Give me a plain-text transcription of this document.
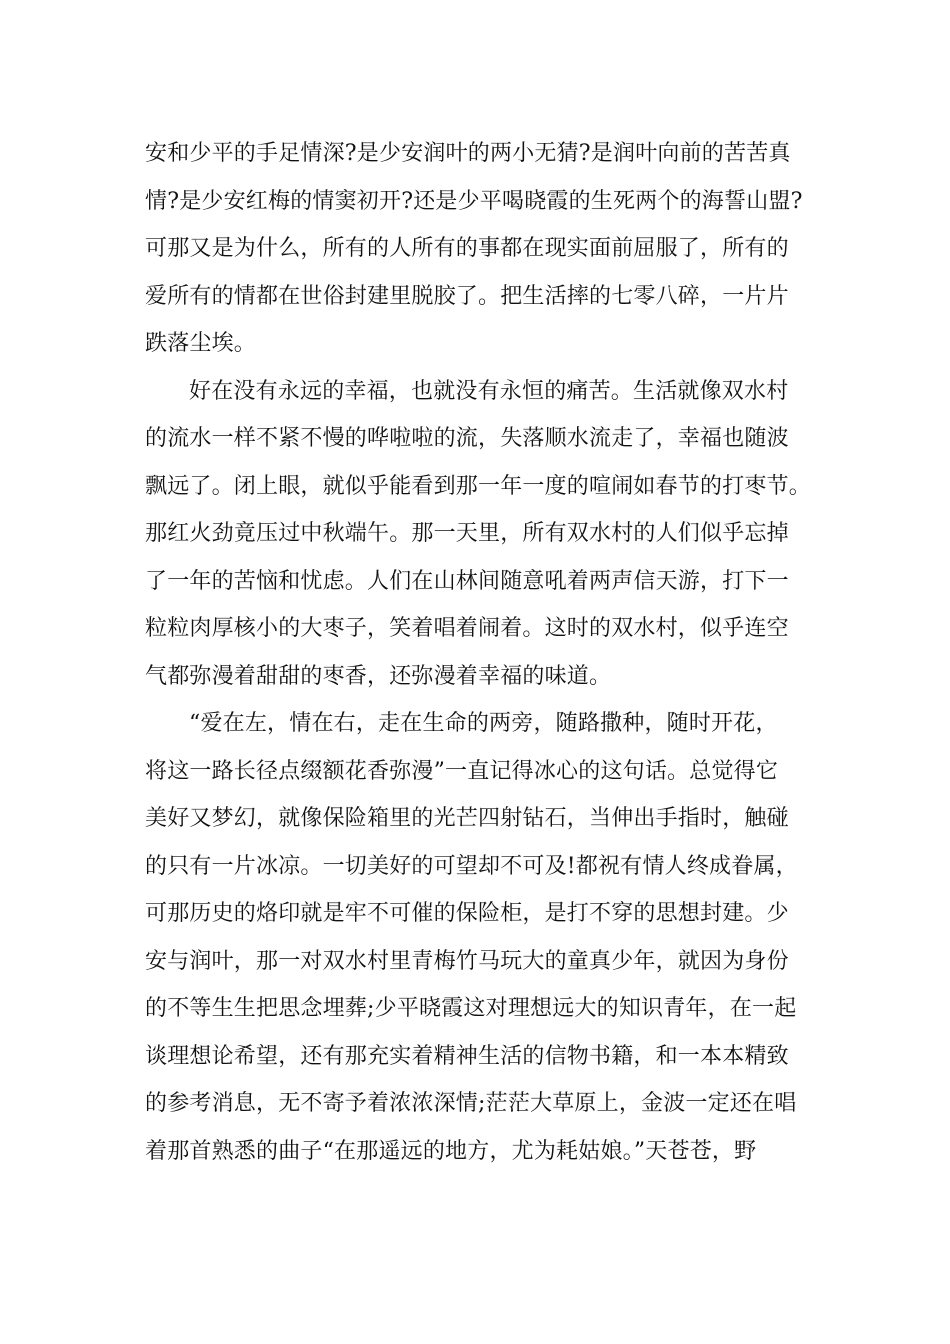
安和少平的手足情深?是少安润叶的两小无猜?是润叶向前的苦苦真
情?是少安红梅的情窦初开?还是少平喝晓霞的生死两个的海誓山盟?
可那又是为什么，所有的人所有的事都在现实面前屈服了，所有的
爱所有的情都在世俗封建里脱胶了。把生活摔的七零八碎，一片片
跌落尘埃。
好在没有永远的幸福，也就没有永恒的痛苦。生活就像双水村
的流水一样不紧不慢的哗啦啦的流，失落顺水流走了，幸福也随波
飘远了。闭上眼，就似乎能看到那一年一度的喧闹如春节的打枣节。
那红火劲竟压过中秋端午。那一天里，所有双水村的人们似乎忘掉
了一年的苦恼和忧虑。人们在山林间随意吼着两声信天游，打下一
粒粒肉厚核小的大枣子，笑着唱着闹着。这时的双水村，似乎连空
气都弥漫着甜甜的枣香，还弥漫着幸福的味道。
“爱在左，情在右，走在生命的两旁，随路撒种，随时开花，
将这一路长径点缀额花香弥漫”一直记得冰心的这句话。总觉得它
美好又梦幻，就像保险箱里的光芒四射钻石，当伸出手指时，触碰
的只有一片冰凉。一切美好的可望却不可及!都祝有情人终成眷属，
可那历史的烙印就是牢不可催的保险柜，是打不穿的思想封建。少
安与润叶，那一对双水村里青梅竹马玩大的童真少年，就因为身份
的不等生生把思念埋葬;少平晓霞这对理想远大的知识青年，在一起
谈理想论希望，还有那充实着精神生活的信物书籍，和一本本精致
的参考消息，无不寄予着浓浓深情;茫茫大草原上，金波一定还在唱
着那首熟悉的曲子“在那遥远的地方，尤为耗姑娘。”天苍苍，野
